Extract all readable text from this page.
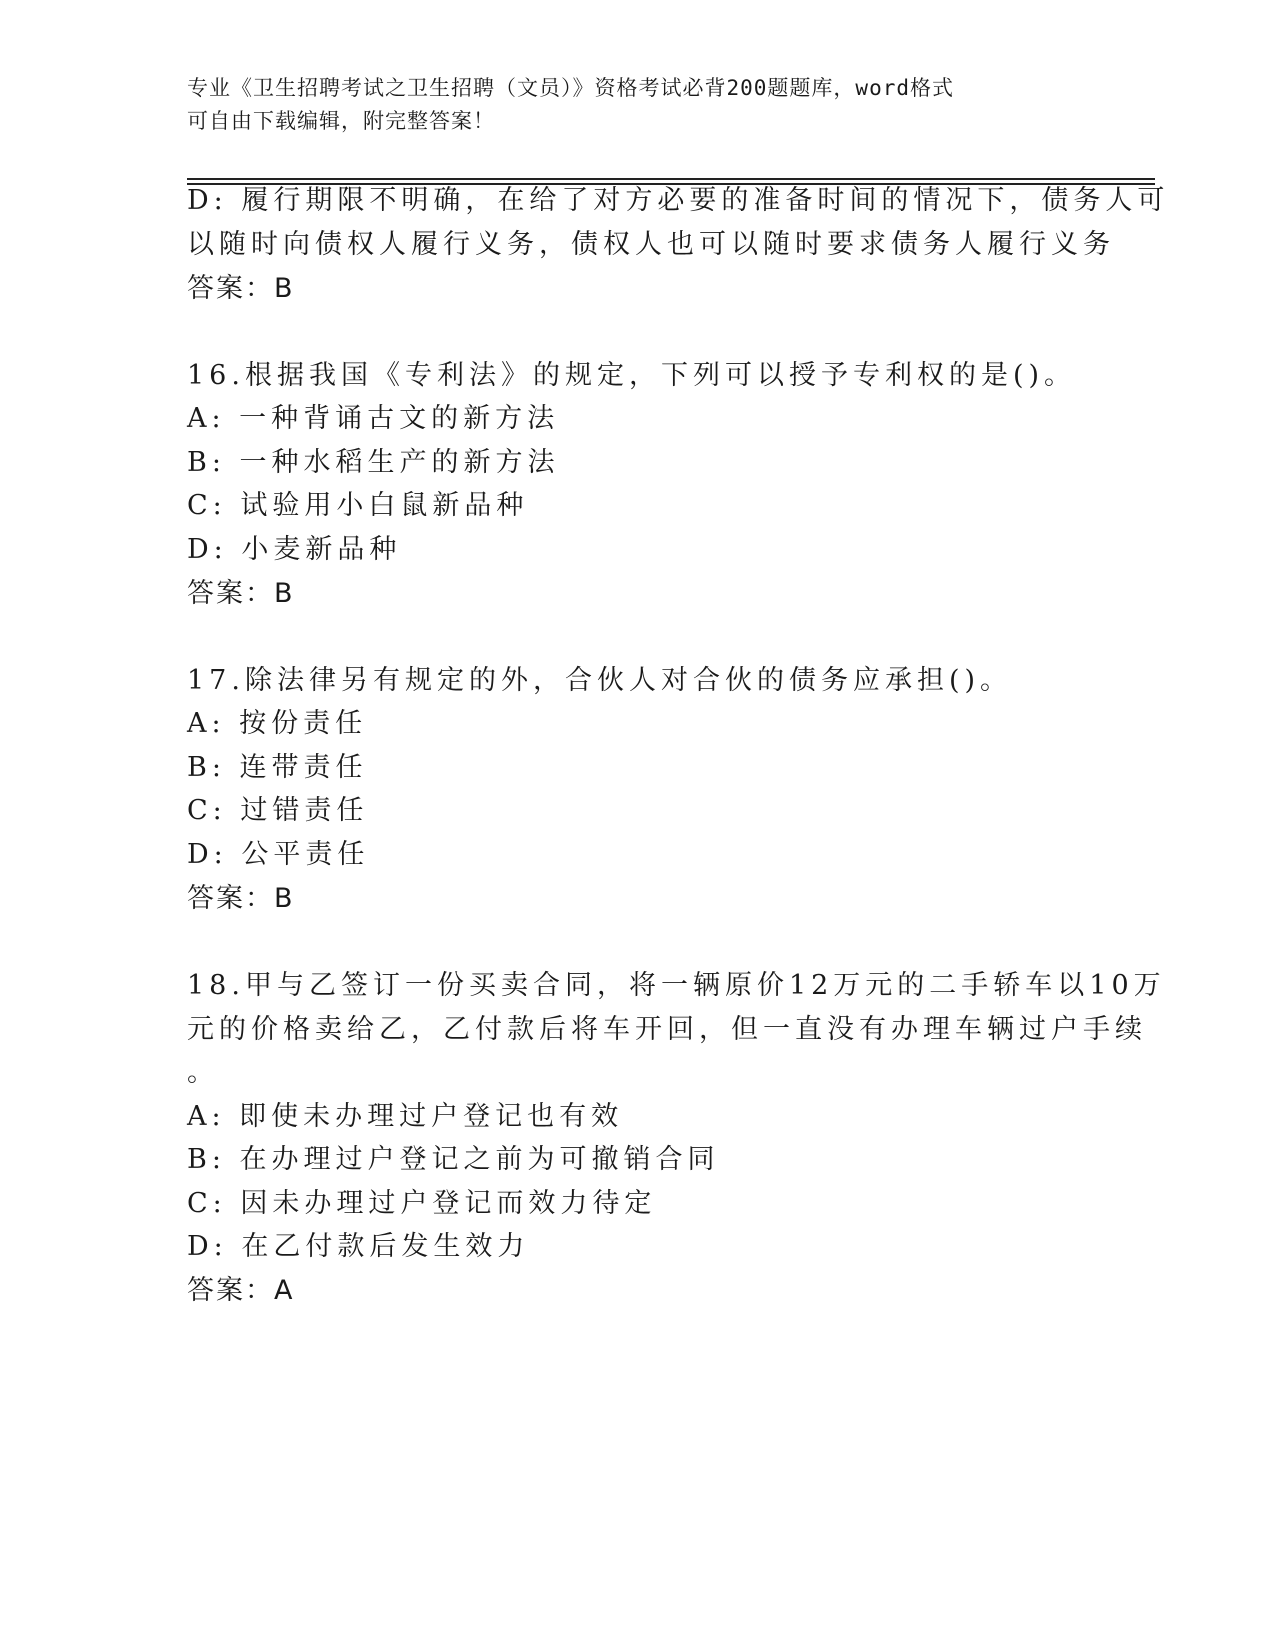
专业《卫生招聘考试之卫生招聘（文员）》资格考试必背200题题库，word格式
可自由下载编辑，附完整答案！
D: 履行期限不明确，在给了对方必要的准备时间的情况下，债务人可
以随时向债权人履行义务，债权人也可以随时要求债务人履行义务
答案：B
16.根据我国《专利法》的规定，下列可以授予专利权的是()。
A: 一种背诵古文的新方法
B: 一种水稻生产的新方法
C: 试验用小白鼠新品种
D: 小麦新品种
答案：B
17.除法律另有规定的外，合伙人对合伙的债务应承担()。
A: 按份责任
B: 连带责任
C: 过错责任
D: 公平责任
答案：B
18.甲与乙签订一份买卖合同，将一辆原价12万元的二手轿车以10万
元的价格卖给乙，乙付款后将车开回，但一直没有办理车辆过户手续
。
A: 即使未办理过户登记也有效
B: 在办理过户登记之前为可撤销合同
C: 因未办理过户登记而效力待定
D: 在乙付款后发生效力
答案：A
